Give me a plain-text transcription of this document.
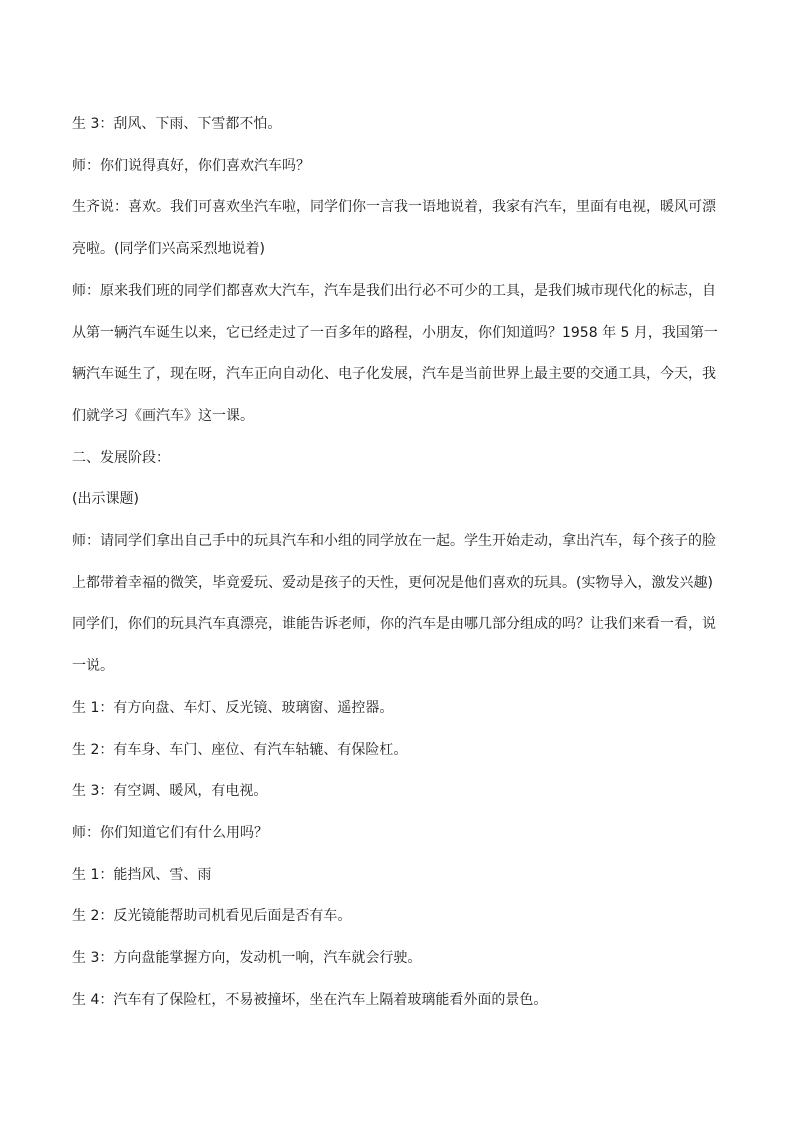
生 3：刮风、下雨、下雪都不怕。

师：你们说得真好，你们喜欢汽车吗？

生齐说：喜欢。我们可喜欢坐汽车啦，同学们你一言我一语地说着，我家有汽车，里面有电视，暖风可漂亮啦。(同学们兴高采烈地说着)

师：原来我们班的同学们都喜欢大汽车，汽车是我们出行必不可少的工具，是我们城市现代化的标志，自从第一辆汽车诞生以来，它已经走过了一百多年的路程，小朋友，你们知道吗？1958 年 5 月，我国第一辆汽车诞生了，现在呀，汽车正向自动化、电子化发展，汽车是当前世界上最主要的交通工具，今天，我们就学习《画汽车》这一课。

二、发展阶段：

(出示课题)

师：请同学们拿出自己手中的玩具汽车和小组的同学放在一起。学生开始走动，拿出汽车，每个孩子的脸上都带着幸福的微笑，毕竟爱玩、爱动是孩子的天性，更何况是他们喜欢的玩具。(实物导入，激发兴趣)

同学们，你们的玩具汽车真漂亮，谁能告诉老师，你的汽车是由哪几部分组成的吗？让我们来看一看，说一说。

生 1：有方向盘、车灯、反光镜、玻璃窗、遥控器。

生 2：有车身、车门、座位、有汽车轱辘、有保险杠。

生 3：有空调、暖风，有电视。

师：你们知道它们有什么用吗？

生 1：能挡风、雪、雨

生 2：反光镜能帮助司机看见后面是否有车。

生 3：方向盘能掌握方向，发动机一响，汽车就会行驶。

生 4：汽车有了保险杠，不易被撞坏，坐在汽车上隔着玻璃能看外面的景色。
